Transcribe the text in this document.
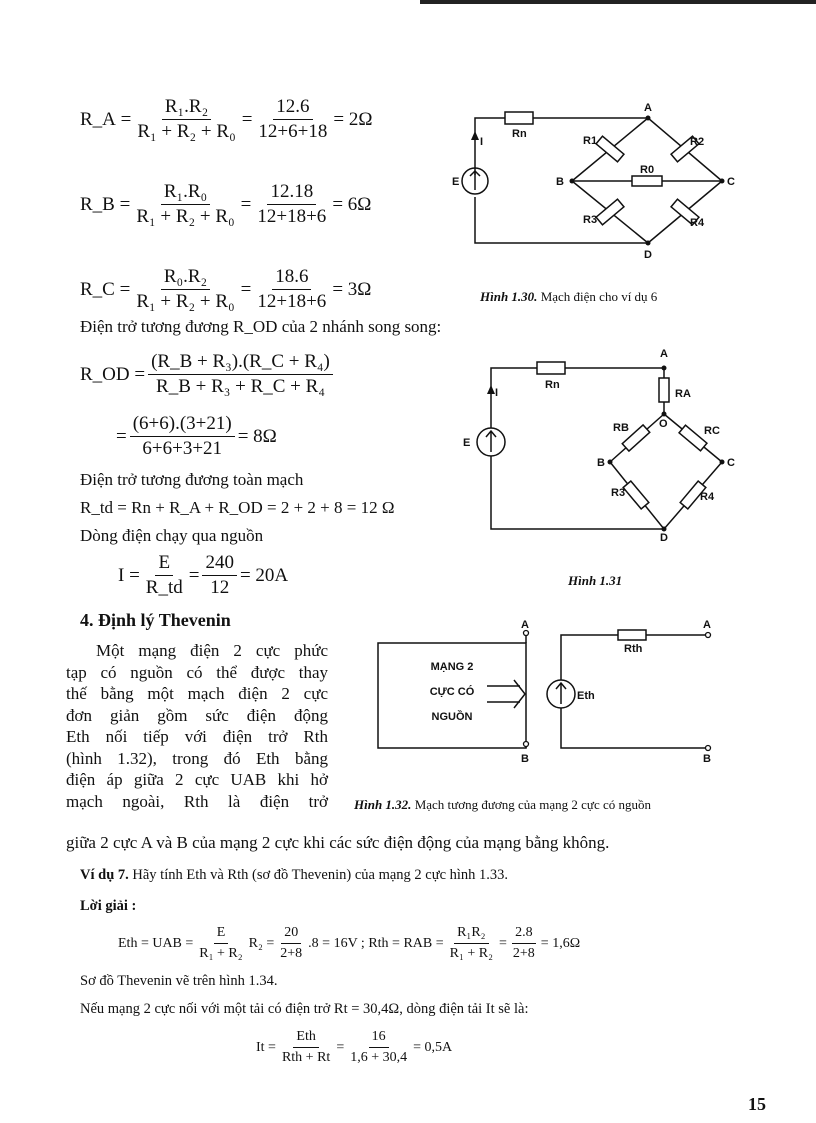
R_A = $\frac{\text{R₁.R₂}}{\text{R₁ + R₂ + R₀}} = \frac{12.6}{12+6+18} = 2\Omega$
R_B = $\frac{\text{R₁.R₀}}{\text{R₁ + R₂ + R₀}} = \frac{12.18}{12+18+6} = 6\Omega$
R_C = $\frac{\text{R₀.R₂}}{\text{R₁ + R₂ + R₀}} = \frac{18.6}{12+18+6} = 3\Omega$
Điện trở tương đương R_OD của 2 nhánh song song:
R_OD = $\frac{\text{(R\_B + R₃).(R\_C + R₄)}}{\text{R\_B + R₃ + R\_C + R₄}}$
= $\frac{(6+6).(3+21)}{6+6+3+21} = 8\Omega$
Điện trở tương đương toàn mạch
R_td = Rn + R_A + R_OD = 2 + 2 + 8 = 12 Ω
Dòng điện chạy qua nguồn
$I = \frac{E}{R\_td} = \frac{240}{12} = 20A$
A
B	C
D
E
I
Rn
R1	R2
R0
R3	R4
Hình 1.30. Mạch điện cho ví dụ 6
A
O
B	C
D
E
I
Rn
RA
RB	RC
R3	R4
Hình 1.31
4. Định lý Thevenin
Một mạng điện 2 cực phức
tạp có nguồn có thể được thay
thế bằng một mạch điện 2 cực
đơn giản gồm sức điện động
Eth nối tiếp với điện trở Rth
(hình 1.32), trong đó Eth bằng
điện áp giữa 2 cực UAB khi hở
mạch ngoài, Rth là điện trở
giữa 2 cực A và B của mạng 2 cực khi các sức điện động của mạng bằng không.
MẠNG 2
CỰC CÓ
NGUỒN
A
B
A
B
Eth
Rth
Hình 1.32. Mạch tương đương của mạng 2 cực có nguồn
Ví dụ 7. Hãy tính Eth và Rth (sơ đồ Thevenin) của mạng 2 cực hình 1.33.
Lời giải :
Eth = UAB = $\frac{E}{\text{R₁ + R₂}} R_2 = \frac{20}{2+8} .8 = 16V$ ;
Rth = RAB = $\frac{\text{R₁R₂}}{\text{R₁ + R₂}} = \frac{2.8}{2+8} = 1,6\Omega$
Sơ đồ Thevenin vẽ trên hình 1.34.
Nếu mạng 2 cực nối với một tải có điện trở Rt = 30,4Ω, dòng điện tải It sẽ là:
$It = \frac{\text{Eth}}{\text{Rth + Rt}} = \frac{16}{1,6 + 30,4} = 0,5A$
15
